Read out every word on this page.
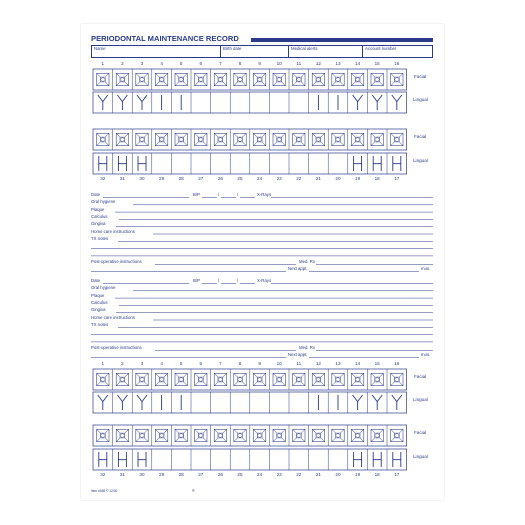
PERIODONTAL MAINTENANCE RECORD
Name	Birth date	Medical alerts	Account number
1	2	3	4	5	6	7	8	9	10	11	12	13	14	15	16
Facial
Lingual
32	31	30	29	28	27	26	25	24	23	22	21	20	19	18	17
Facial
Lingual
Date	B/P	/	/	X-Rays
Oral hygiene
Plaque
Calculus
Gingiva
Home care instructions
TX notes
Post-operative instructions	Med. Rx
Next appt.	mos.
Date	B/P	/	/	X-Rays
Oral hygiene
Plaque
Calculus
Gingiva
Home care instructions
TX notes
Post-operative instructions	Med. Rx
Next appt.	mos.
1	2	3	4	5	6	7	8	9	10	11	12	13	14	15	16
Facial
Lingual
32	31	30	29	28	27	26	25	24	23	22	21	20	19	18	17
Facial
Lingual
Item #056 © 12/00	®
